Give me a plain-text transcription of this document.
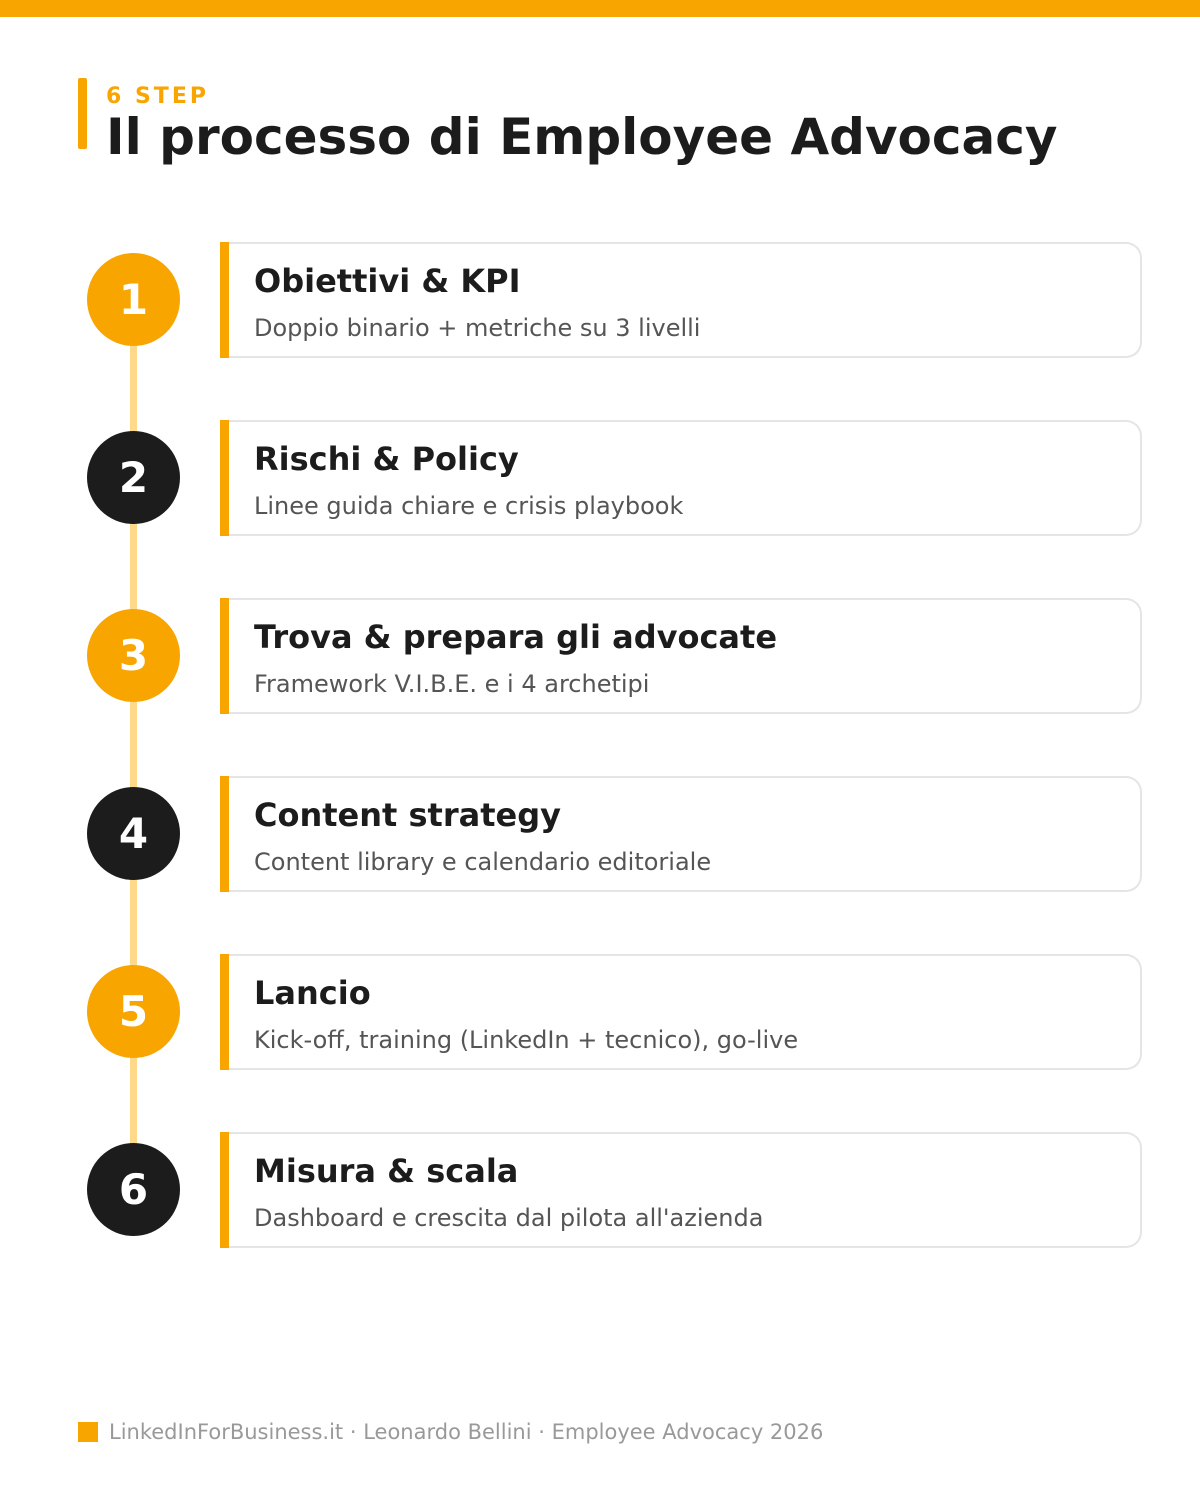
6 STEP
Il processo di Employee Advocacy
1	Obiettivi & KPI
Doppio binario + metriche su 3 livelli
2	Rischi & Policy
Linee guida chiare e crisis playbook
3	Trova & prepara gli advocate
Framework V.I.B.E. e i 4 archetipi
4	Content strategy
Content library e calendario editoriale
5	Lancio
Kick-off, training (LinkedIn + tecnico), go-live
6	Misura & scala
Dashboard e crescita dal pilota all'azienda
LinkedInForBusiness.it · Leonardo Bellini · Employee Advocacy 2026
